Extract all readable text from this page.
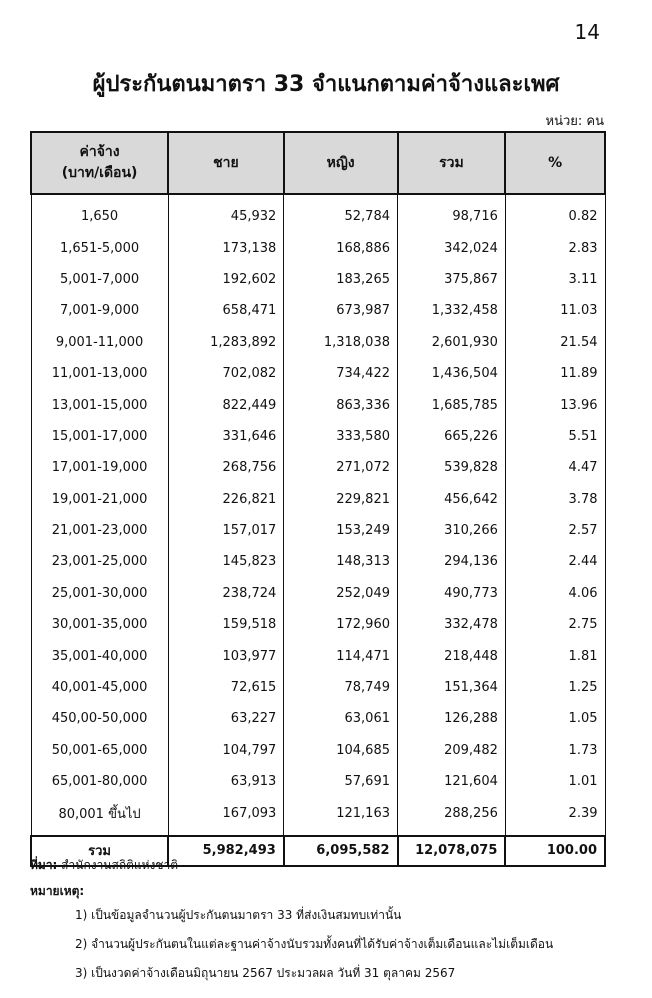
14
ผู้ประกันตนมาตรา 33 จำแนกตามค่าจ้างและเพศ
หน่วย: คน
ค่าจ้าง
(บาท/เดือน)	ชาย	หญิง	รวม	%
1,650	45,932	52,784	98,716	0.82
1,651-5,000	173,138	168,886	342,024	2.83
5,001-7,000	192,602	183,265	375,867	3.11
7,001-9,000	658,471	673,987	1,332,458	11.03
9,001-11,000	1,283,892	1,318,038	2,601,930	21.54
11,001-13,000	702,082	734,422	1,436,504	11.89
13,001-15,000	822,449	863,336	1,685,785	13.96
15,001-17,000	331,646	333,580	665,226	5.51
17,001-19,000	268,756	271,072	539,828	4.47
19,001-21,000	226,821	229,821	456,642	3.78
21,001-23,000	157,017	153,249	310,266	2.57
23,001-25,000	145,823	148,313	294,136	2.44
25,001-30,000	238,724	252,049	490,773	4.06
30,001-35,000	159,518	172,960	332,478	2.75
35,001-40,000	103,977	114,471	218,448	1.81
40,001-45,000	72,615	78,749	151,364	1.25
450,00-50,000	63,227	63,061	126,288	1.05
50,001-65,000	104,797	104,685	209,482	1.73
65,001-80,000	63,913	57,691	121,604	1.01
80,001 ขึ้นไป	167,093	121,163	288,256	2.39
รวม	5,982,493	6,095,582	12,078,075	100.00
ที่มา: สำนักงานสถิติแห่งชาติ
หมายเหตุ:
1) เป็นข้อมูลจำนวนผู้ประกันตนมาตรา 33 ที่ส่งเงินสมทบเท่านั้น
2) จำนวนผู้ประกันตนในแต่ละฐานค่าจ้างนับรวมทั้งคนที่ได้รับค่าจ้างเต็มเดือนและไม่เต็มเดือน
3) เป็นงวดค่าจ้างเดือนมิถุนายน 2567 ประมวลผล วันที่ 31 ตุลาคม 2567
